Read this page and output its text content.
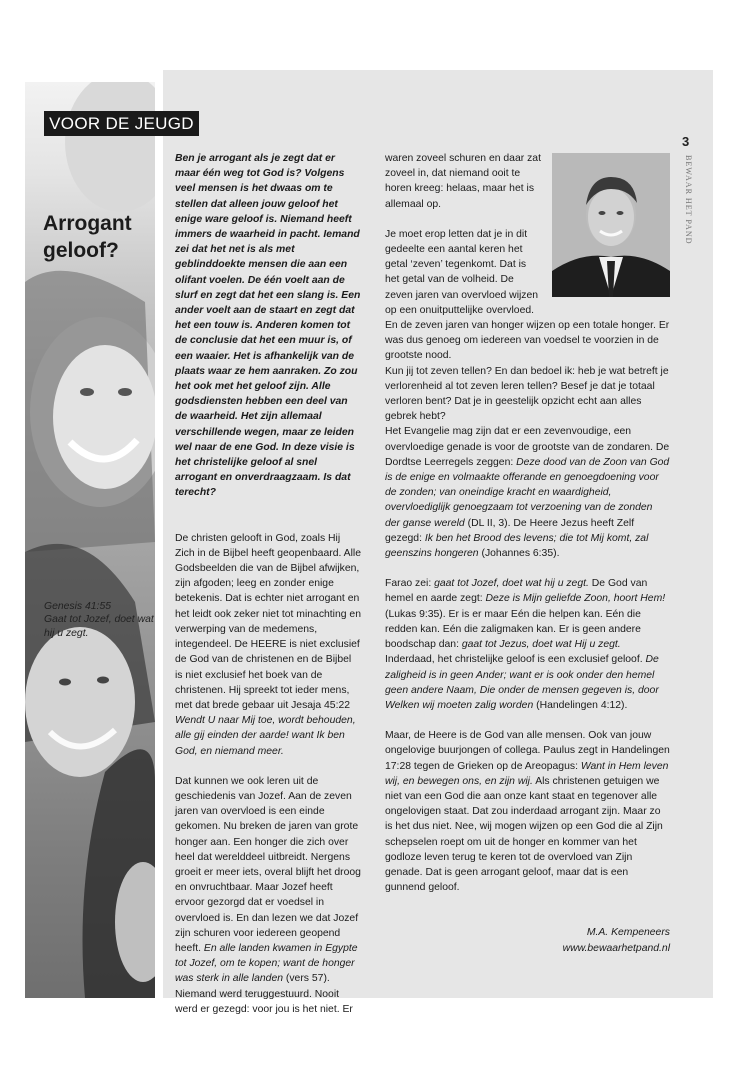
VOOR DE JEUGD
Arrogant geloof?
Genesis 41:55
Gaat tot Jozef, doet wat hij u zegt.
3
BEWAAR HET PAND

Ben je arrogant als je zegt dat er maar één weg tot God is? Volgens veel mensen is het dwaas om te stellen dat alleen jouw geloof het enige ware geloof is. Niemand heeft immers de waarheid in pacht. Iemand zei dat het net is als met geblinddoekte mensen die aan een olifant voelen. De één voelt aan de slurf en zegt dat het een slang is. Een ander voelt aan de staart en zegt dat het een touw is. Anderen komen tot de conclusie dat het een muur is, of een waaier. Het is afhankelijk van de plaats waar ze hem aanraken. Zo zou het ook met het geloof zijn. Alle godsdiensten hebben een deel van de waarheid. Het zijn allemaal verschillende wegen, maar ze leiden wel naar de ene God. In deze visie is het christelijke geloof al snel arrogant en onverdraagzaam. Is dat terecht?

De christen gelooft in God, zoals Hij Zich in de Bijbel heeft geopenbaard. Alle Godsbeelden die van de Bijbel afwijken, zijn afgoden; leeg en zonder enige betekenis. Dat is echter niet arrogant en het leidt ook zeker niet tot minachting en verwerping van de medemens, integendeel. De HEERE is niet exclusief de God van de christenen en de Bijbel is niet exclusief het boek van de christenen. Hij spreekt tot ieder mens, met dat brede gebaar uit Jesaja 45:22 Wendt U naar Mij toe, wordt behouden, alle gij einden der aarde! want Ik ben God, en niemand meer.

Dat kunnen we ook leren uit de geschiedenis van Jozef. Aan de zeven jaren van overvloed is een einde gekomen. Nu breken de jaren van grote honger aan. Een honger die zich over heel dat werelddeel uitbreidt. Nergens groeit er meer iets, overal blijft het droog en onvruchtbaar. Maar Jozef heeft ervoor gezorgd dat er voedsel in overvloed is. En dan lezen we dat Jozef zijn schuren voor iedereen geopend heeft. En alle landen kwamen in Egypte tot Jozef, om te kopen; want de honger was sterk in alle landen (vers 57). Niemand werd teruggestuurd. Nooit werd er gezegd: voor jou is het niet. Er

waren zoveel schuren en daar zat zoveel in, dat niemand ooit te horen kreeg: helaas, maar het is allemaal op.

Je moet erop letten dat je in dit gedeelte een aantal keren het getal ‘zeven’ tegenkomt. Dat is het getal van de volheid. De zeven jaren van overvloed wijzen op een onuitputtelijke overvloed. En de zeven jaren van honger wijzen op een totale honger. Er was dus genoeg om iedereen van voedsel te voorzien in de grootste nood.

Kun jij tot zeven tellen? En dan bedoel ik: heb je wat betreft je verlorenheid al tot zeven leren tellen? Besef je dat je totaal verloren bent? Dat je in geestelijk opzicht echt aan alles gebrek hebt?

Het Evangelie mag zijn dat er een zevenvoudige, een overvloedige genade is voor de grootste van de zondaren. De Dordtse Leerregels zeggen: Deze dood van de Zoon van God is de enige en volmaakte offerande en genoegdoening voor de zonden; van oneindige kracht en waardigheid, overvloediglijk genoegzaam tot verzoening van de zonden der ganse wereld (DL II, 3). De Heere Jezus heeft Zelf gezegd: Ik ben het Brood des levens; die tot Mij komt, zal geenszins hongeren (Johannes 6:35).

Farao zei: gaat tot Jozef, doet wat hij u zegt. De God van hemel en aarde zegt: Deze is Mijn geliefde Zoon, hoort Hem! (Lukas 9:35). Er is er maar Eén die helpen kan. Eén die redden kan. Eén die zaligmaken kan. Er is geen andere boodschap dan: gaat tot Jezus, doet wat Hij u zegt. Inderdaad, het christelijke geloof is een exclusief geloof. De zaligheid is in geen Ander; want er is ook onder den hemel geen andere Naam, Die onder de mensen gegeven is, door Welken wij moeten zalig worden (Handelingen 4:12).

Maar, de Heere is de God van alle mensen. Ook van jouw ongelovige buurjongen of collega. Paulus zegt in Handelingen 17:28 tegen de Grieken op de Areopagus: Want in Hem leven wij, en bewegen ons, en zijn wij. Als christenen getuigen we niet van een God die aan onze kant staat en tegenover alle ongelovigen staat. Dat zou inderdaad arrogant zijn. Maar zo is het dus niet. Nee, wij mogen wijzen op een God die al Zijn schepselen roept om uit de honger en kommer van het godloze leven terug te keren tot de overvloed van Zijn genade. Dat is geen arrogant geloof, maar dat is een gunnend geloof.

M.A. Kempeneers

www.bewaarhetpand.nl
